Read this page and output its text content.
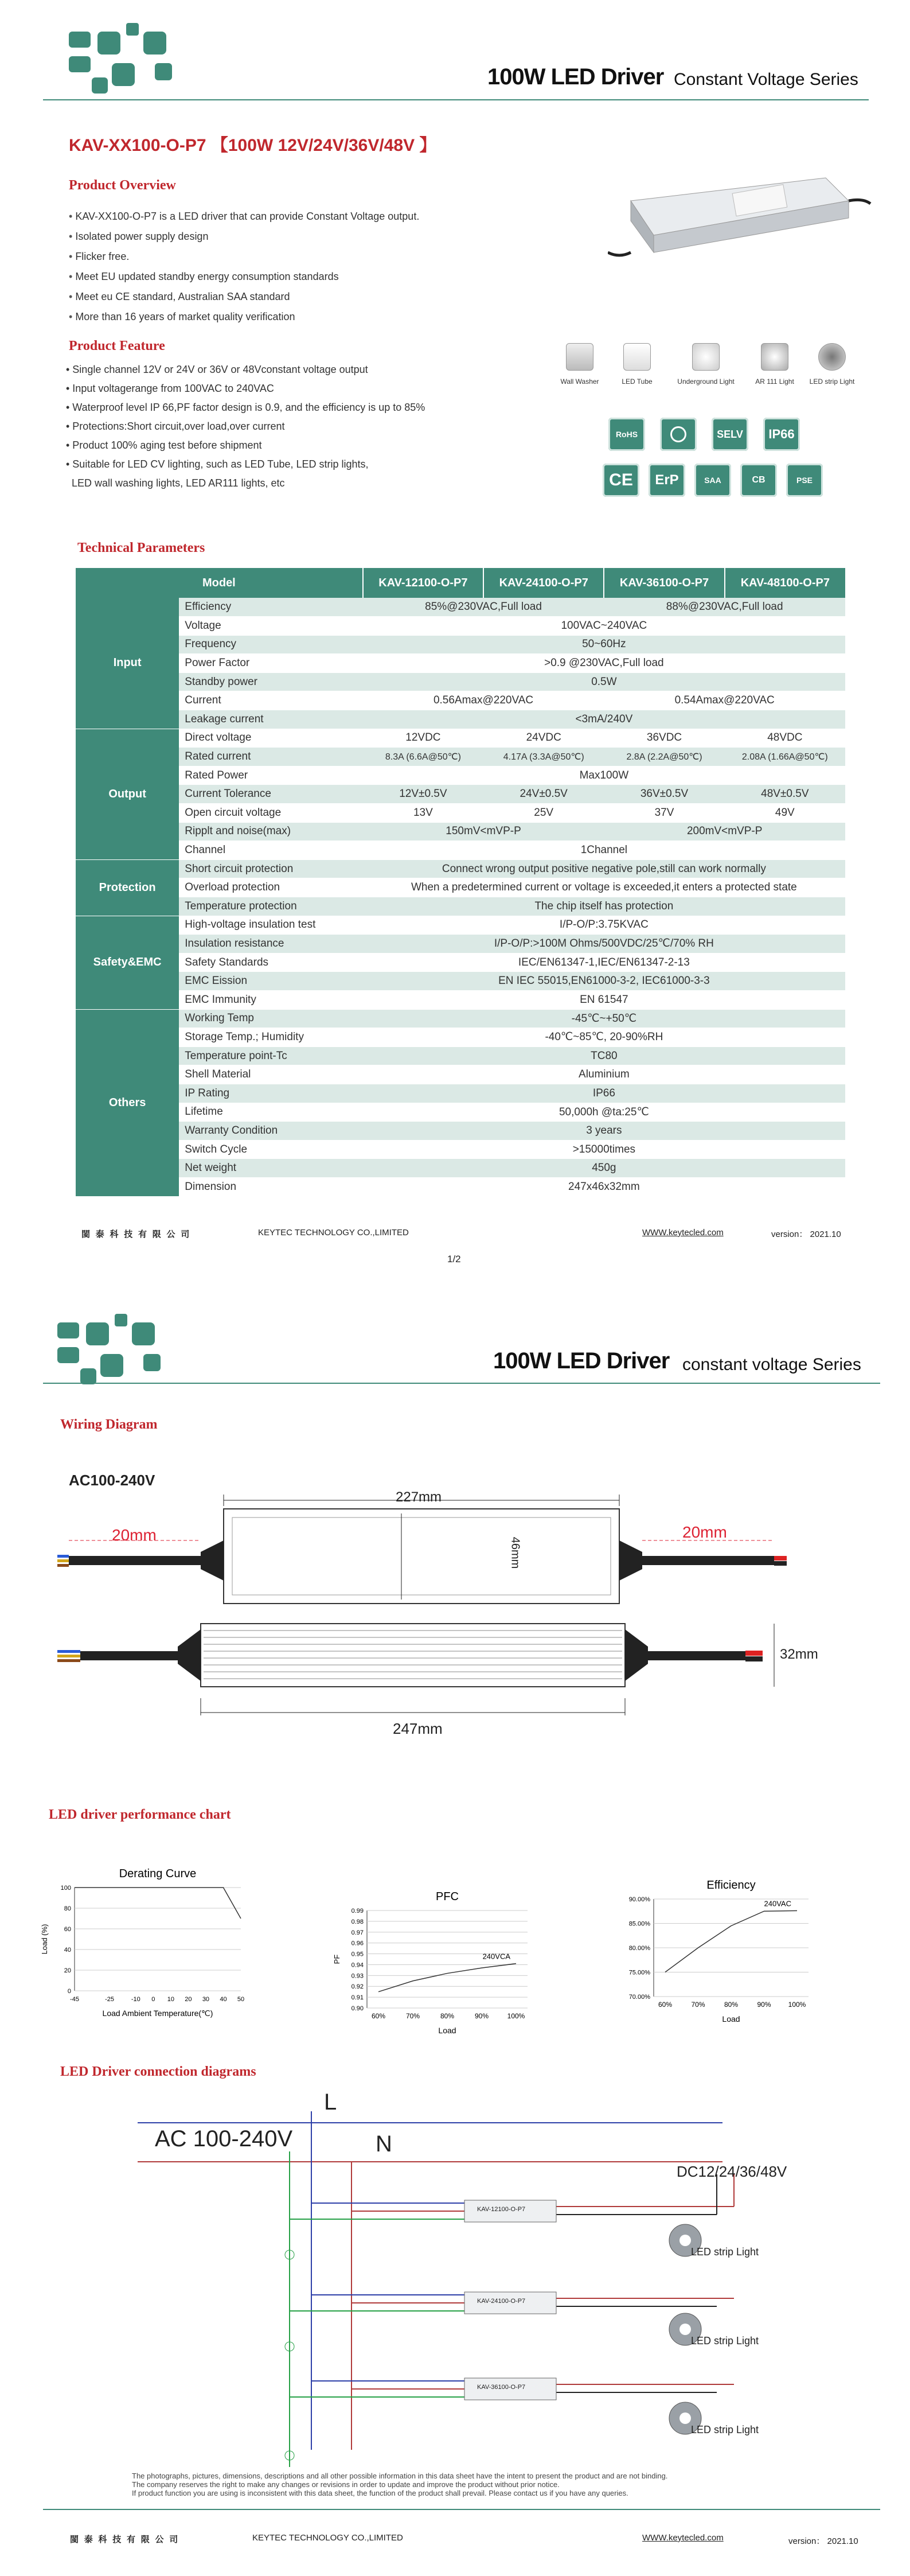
100W LED Driver Constant Voltage Series
KAV-XX100-O-P7 【100W 12V/24V/36V/48V 】
Product Overview
• KAV-XX100-O-P7 is a LED driver that can provide Constant Voltage output.
• Isolated power supply design
• Flicker free.
• Meet EU updated standby energy consumption standards
• Meet eu CE standard, Australian SAA standard
• More than 16 years of market quality verification
Product Feature
• Single channel 12V or 24V or 36V or 48Vconstant voltage output
• Input voltagerange from 100VAC to 240VAC
• Waterproof level IP 66,PF factor design is 0.9, and the efficiency is up to 85%
• Protections:Short circuit,over load,over current
• Product 100% aging test before shipment
• Suitable for LED CV lighting, such as LED Tube, LED strip lights,
LED wall washing lights, LED AR111 lights, etc
Wall Washer	LED Tube	Underground Light	AR 111 Light	LED strip Light
RoHS	SELV	IP66
CE	ErP	SAA	CB	PSE
Technical Parameters
Model		KAV-12100-O-P7	KAV-24100-O-P7	KAV-36100-O-P7	KAV-48100-O-P7
Input	Efficiency	85%@230VAC,Full load		88%@230VAC,Full load	
	Voltage	100VAC~240VAC			
	Frequency	50~60Hz			
	Power Factor	>0.9 @230VAC,Full load			
	Standby power	0.5W			
	Current	0.56Amax@220VAC		0.54Amax@220VAC	
	Leakage current	<3mA/240V			
Output	Direct voltage	12VDC	24VDC	36VDC	48VDC
	Rated current	8.3A (6.6A@50℃)	4.17A (3.3A@50℃)	2.8A (2.2A@50℃)	2.08A (1.66A@50℃)
	Rated Power	Max100W			
	Current Tolerance	12V±0.5V	24V±0.5V	36V±0.5V	48V±0.5V
	Open circuit voltage	13V	25V	37V	49V
	Ripplt and noise(max)	150mV<mVP-P		200mV<mVP-P	
	Channel	1Channel			
Protection	Short circuit protection	Connect wrong output positive negative pole,still can work normally			
	Overload protection	When a predetermined current or voltage is exceeded,it enters a protected state			
	Temperature protection	The chip itself has protection			
Safety&EMC	High-voltage insulation test	I/P-O/P:3.75KVAC			
	Insulation resistance	I/P-O/P:>100M Ohms/500VDC/25℃/70% RH			
	Safety Standards	IEC/EN61347-1,IEC/EN61347-2-13			
	EMC Eission	EN IEC 55015,EN61000-3-2, IEC61000-3-3			
	EMC Immunity	EN 61547			
Others	Working Temp	-45℃~+50℃			
	Storage Temp.; Humidity	-40℃~85℃, 20-90%RH			
	Temperature point-Tc	TC80			
	Shell Material	Aluminium			
	IP Rating	IP66			
	Lifetime	50,000h @ta:25℃			
	Warranty Condition	3 years			
	Switch Cycle	>15000times			
	Net weight	450g			
	Dimension	247x46x32mm			
閩 泰 科 技 有 限 公 司	KEYTEC TECHNOLOGY CO.,LIMITED	WWW.keytecled.com	version： 2021.10
1/2
100W LED Driver constant voltage Series
Wiring Diagram
AC100-240V
227mm
20mm	20mm
46mm
32mm
247mm
LED driver performance chart
Derating Curve
0
20
40
60
80
100
-45	-25	-10 0 10 20 30 40 50
Load Ambient Temperature(℃)
Load (%)
PFC
0.90
0.91
0.92
0.93
0.94
0.95
0.96
0.97
0.98
0.99
60%	70%	80%	90%	100%
Load
PF	240VCA
Efficiency
70.00%
75.00%
80.00%
85.00%
90.00%
60%	70%	80%	90%	100%
Load
240VAC
LED Driver connection diagrams
L
AC 100-240V	N
DC12/24/36/48V
KAV-12100-O-P7
KAV-24100-O-P7
KAV-36100-O-P7
LED strip Light
LED strip Light
LED strip Light
The photographs, pictures, dimensions, descriptions and all other possible information in this data sheet have the intent to present the product and are not binding.
The company reserves the right to make any changes or revisions in order to update and improve the product without prior notice.
If product function you are using is inconsistent with this data sheet, the function of the product shall prevail. Please contact us if you have any queries.
閩 泰 科 技 有 限 公 司	KEYTEC TECHNOLOGY CO.,LIMITED	WWW.keytecled.com	version： 2021.10
